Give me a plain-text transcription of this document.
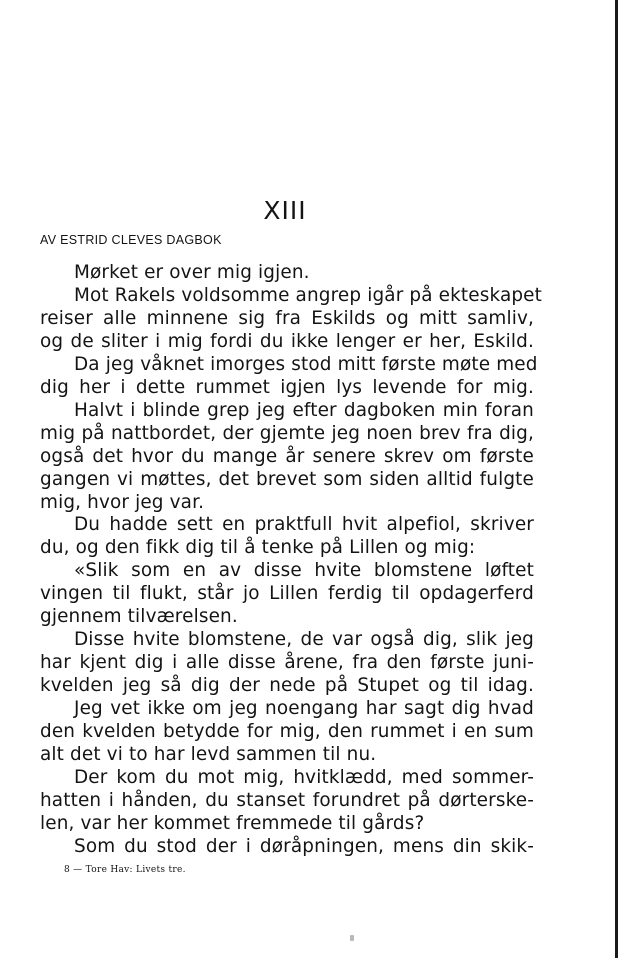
XIII
AV ESTRID CLEVES DAGBOK
Mørket er over mig igjen.
Mot Rakels voldsomme angrep igår på ekteskapet
reiser alle minnene sig fra Eskilds og mitt samliv,
og de sliter i mig fordi du ikke lenger er her, Eskild.
Da jeg våknet imorges stod mitt første møte med
dig her i dette rummet igjen lys levende for mig.
Halvt i blinde grep jeg efter dagboken min foran
mig på nattbordet, der gjemte jeg noen brev fra dig,
også det hvor du mange år senere skrev om første
gangen vi møttes, det brevet som siden alltid fulgte
mig, hvor jeg var.
Du hadde sett en praktfull hvit alpefiol, skriver
du, og den fikk dig til å tenke på Lillen og mig:
«Slik som en av disse hvite blomstene løftet
vingen til flukt, står jo Lillen ferdig til opdagerferd
gjennem tilværelsen.
Disse hvite blomstene, de var også dig, slik jeg
har kjent dig i alle disse årene, fra den første juni-
kvelden jeg så dig der nede på Stupet og til idag.
Jeg vet ikke om jeg noengang har sagt dig hvad
den kvelden betydde for mig, den rummet i en sum
alt det vi to har levd sammen til nu.
Der kom du mot mig, hvitklædd, med sommer-
hatten i hånden, du stanset forundret på dørterske-
len, var her kommet fremmede til gårds?
Som du stod der i døråpningen, mens din skik-
8 — Tore Hav: Livets tre.
